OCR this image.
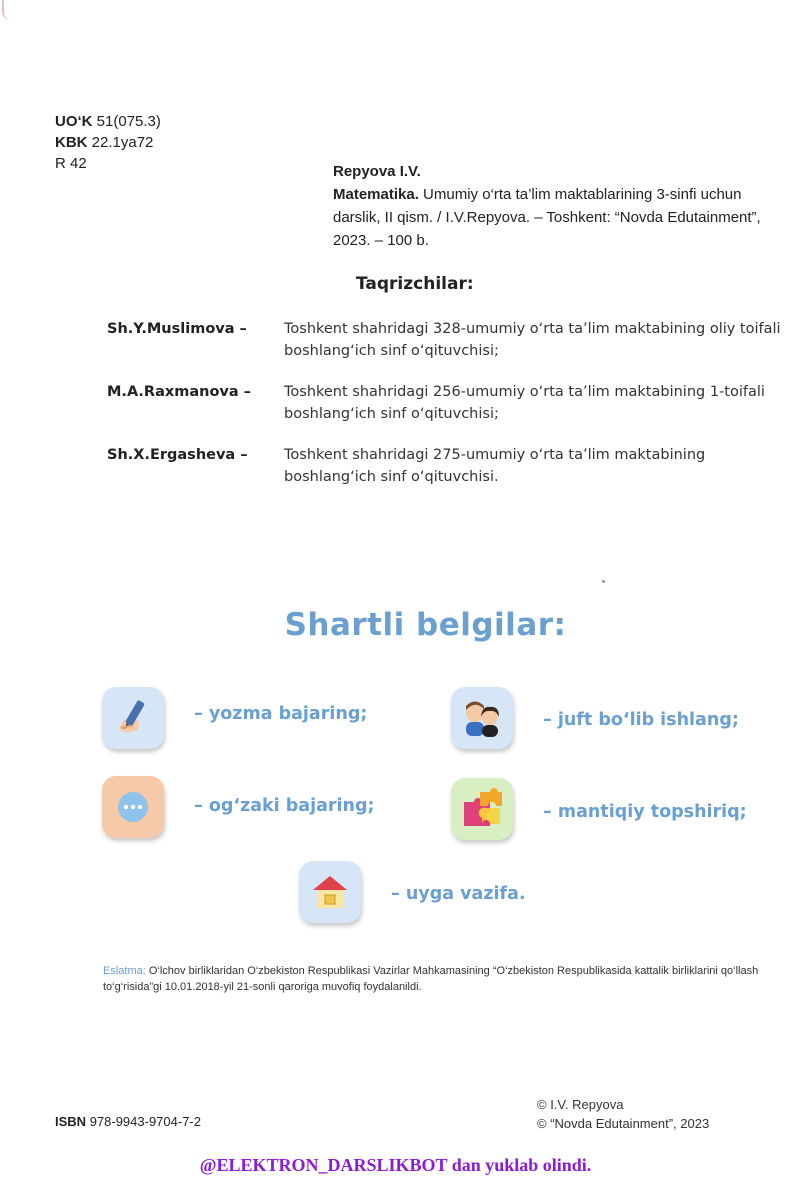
UO‘K 51(075.3)
KBK 22.1ya72
R 42	Repyova I.V.
Matematika. Umumiy o‘rta ta’lim maktablarining 3-sinfi uchun darslik, II qism. / I.V.Repyova. – Toshkent: “Novda Edutainment”, 2023. – 100 b.
Taqrizchilar:
Sh.Y.Muslimova –	Toshkent shahridagi 328-umumiy o‘rta ta’lim maktabining oliy toifali boshlang‘ich sinf o‘qituvchisi;
M.A.Raxmanova – Toshkent shahridagi 256-umumiy o‘rta ta’lim maktabining 1-toifali boshlang‘ich sinf o‘qituvchisi;
Sh.X.Ergasheva –	Toshkent shahridagi 275-umumiy o‘rta ta’lim maktabining boshlang‘ich sinf o‘qituvchisi.
Shartli belgilar:
– yozma bajaring;	– juft bo‘lib ishlang;
– og‘zaki bajaring;	– mantiqiy topshiriq;
– uyga vazifa.
Eslatma: O‘lchov birliklaridan O‘zbekiston Respublikasi Vazirlar Mahkamasining “O‘zbekiston Respublikasida kattalik birliklarini qo‘llash to‘g‘risida”gi 10.01.2018-yil 21-sonli qaroriga muvofiq foydalanildi.
ISBN 978-9943-9704-7-2
© I.V. Repyova
© “Novda Edutainment”, 2023
@ELEKTRON_DARSLIKBOT dan yuklab olindi.
